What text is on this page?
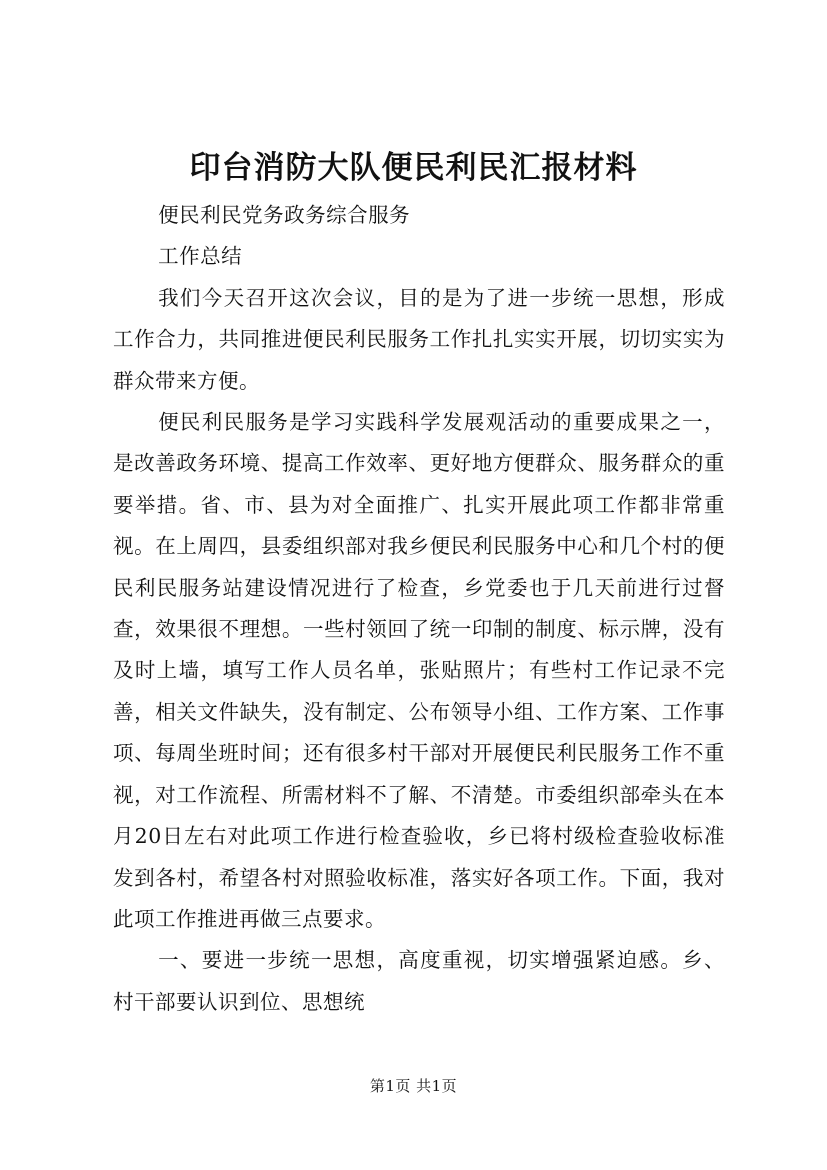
印台消防大队便民利民汇报材料

便民利民党务政务综合服务

工作总结

我们今天召开这次会议，目的是为了进一步统一思想，形成工作合力，共同推进便民利民服务工作扎扎实实开展，切切实实为群众带来方便。

便民利民服务是学习实践科学发展观活动的重要成果之一，是改善政务环境、提高工作效率、更好地方便群众、服务群众的重要举措。省、市、县为对全面推广、扎实开展此项工作都非常重视。在上周四，县委组织部对我乡便民利民服务中心和几个村的便民利民服务站建设情况进行了检查，乡党委也于几天前进行过督查，效果很不理想。一些村领回了统一印制的制度、标示牌，没有及时上墙，填写工作人员名单，张贴照片；有些村工作记录不完善，相关文件缺失，没有制定、公布领导小组、工作方案、工作事项、每周坐班时间；还有很多村干部对开展便民利民服务工作不重视，对工作流程、所需材料不了解、不清楚。市委组织部牵头在本月20日左右对此项工作进行检查验收，乡已将村级检查验收标准发到各村，希望各村对照验收标准，落实好各项工作。下面，我对此项工作推进再做三点要求。

一、要进一步统一思想，高度重视，切实增强紧迫感。乡、村干部要认识到位、思想统

第1页 共1页
